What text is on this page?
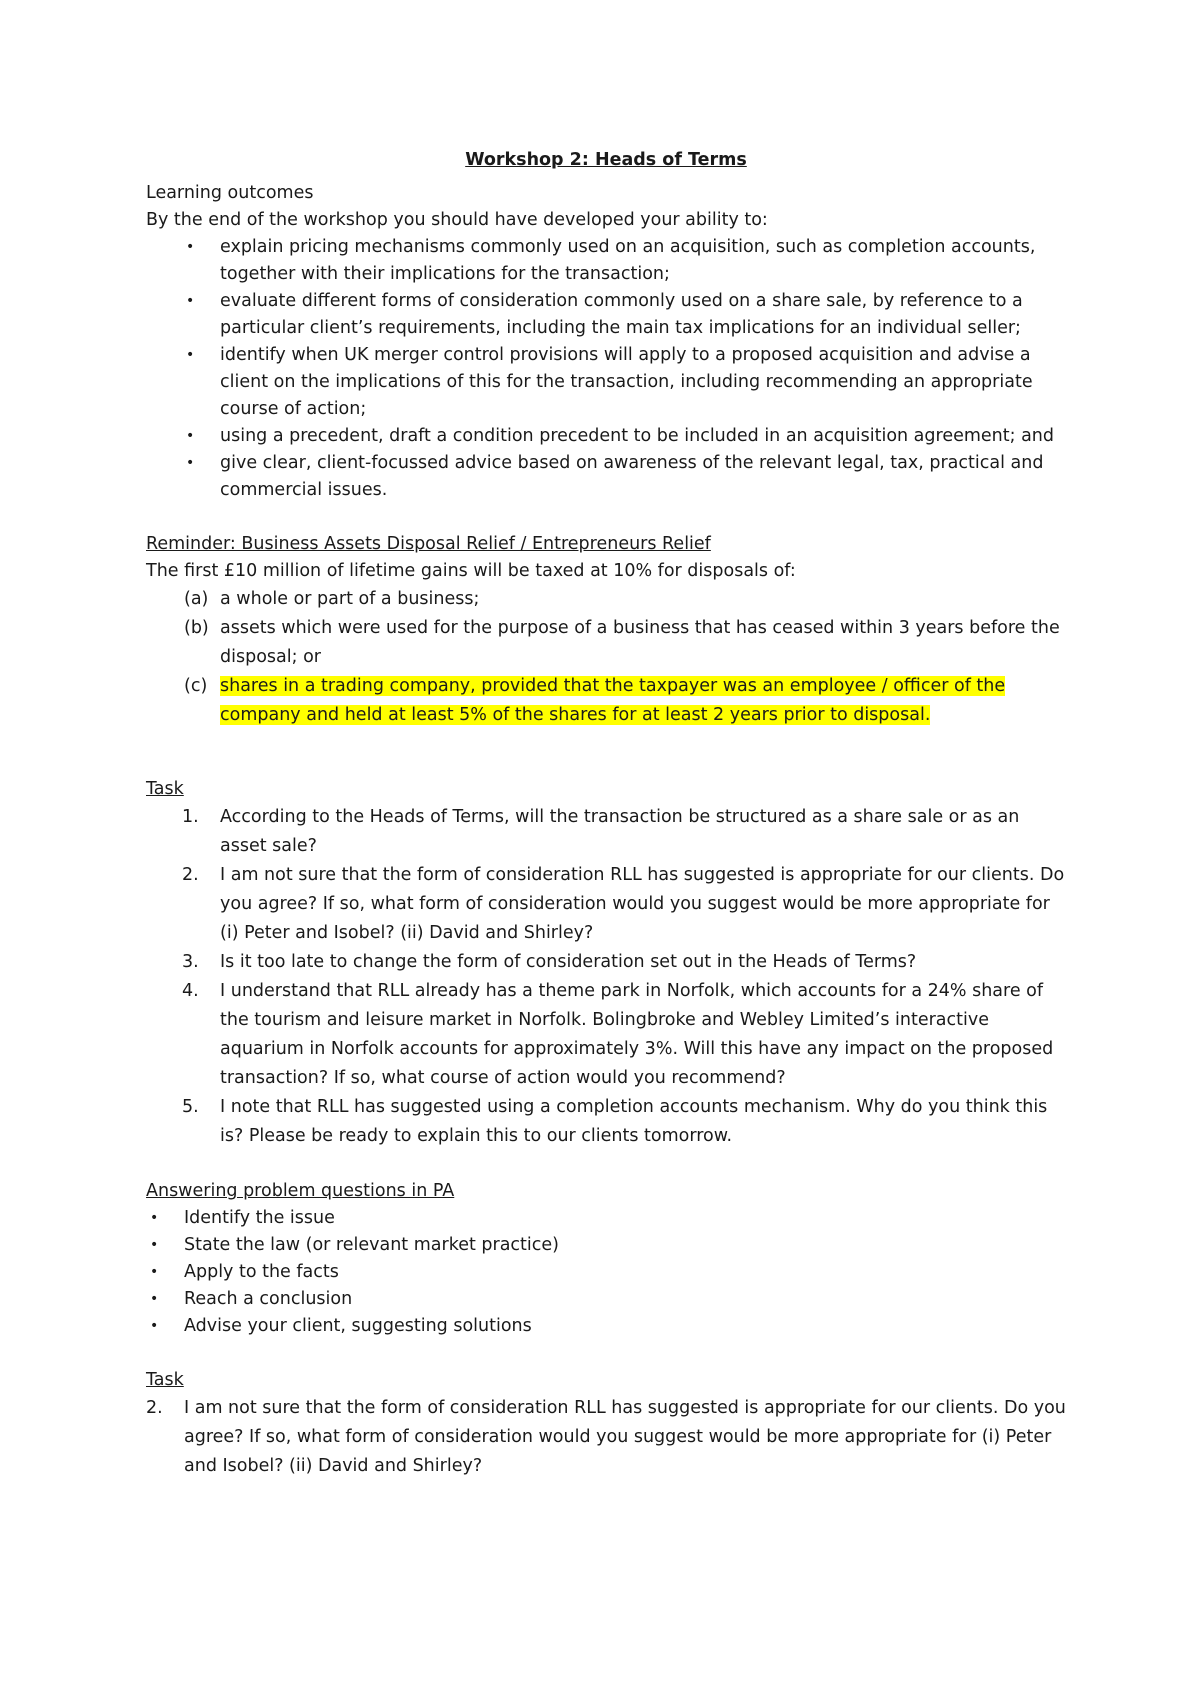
Workshop 2: Heads of Terms

Learning outcomes

By the end of the workshop you should have developed your ability to:

• explain pricing mechanisms commonly used on an acquisition, such as completion accounts, together with their implications for the transaction;
• evaluate different forms of consideration commonly used on a share sale, by reference to a particular client’s requirements, including the main tax implications for an individual seller;
• identify when UK merger control provisions will apply to a proposed acquisition and advise a client on the implications of this for the transaction, including recommending an appropriate course of action;
• using a precedent, draft a condition precedent to be included in an acquisition agreement; and
• give clear, client-focussed advice based on awareness of the relevant legal, tax, practical and commercial issues.

Reminder: Business Assets Disposal Relief / Entrepreneurs Relief

The first £10 million of lifetime gains will be taxed at 10% for disposals of:

(a) a whole or part of a business;
(b) assets which were used for the purpose of a business that has ceased within 3 years before the disposal; or
(c) shares in a trading company, provided that the taxpayer was an employee / officer of the company and held at least 5% of the shares for at least 2 years prior to disposal.

Task

1. According to the Heads of Terms, will the transaction be structured as a share sale or as an asset sale?
2. I am not sure that the form of consideration RLL has suggested is appropriate for our clients. Do you agree? If so, what form of consideration would you suggest would be more appropriate for (i) Peter and Isobel? (ii) David and Shirley?
3. Is it too late to change the form of consideration set out in the Heads of Terms?
4. I understand that RLL already has a theme park in Norfolk, which accounts for a 24% share of the tourism and leisure market in Norfolk. Bolingbroke and Webley Limited’s interactive aquarium in Norfolk accounts for approximately 3%. Will this have any impact on the proposed transaction? If so, what course of action would you recommend?
5. I note that RLL has suggested using a completion accounts mechanism. Why do you think this is? Please be ready to explain this to our clients tomorrow.

Answering problem questions in PA

• Identify the issue
• State the law (or relevant market practice)
• Apply to the facts
• Reach a conclusion
• Advise your client, suggesting solutions

Task

2. I am not sure that the form of consideration RLL has suggested is appropriate for our clients. Do you agree? If so, what form of consideration would you suggest would be more appropriate for (i) Peter and Isobel? (ii) David and Shirley?
